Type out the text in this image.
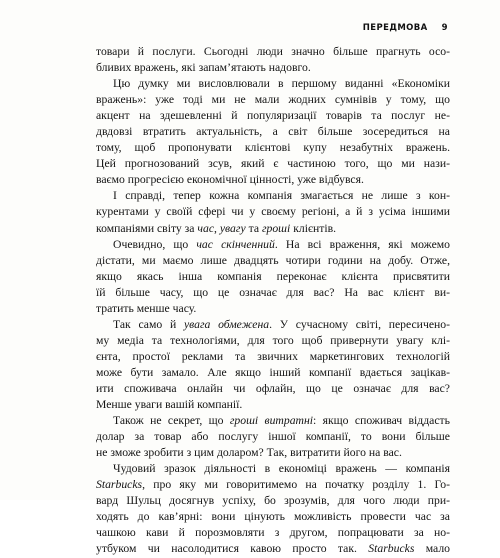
ПЕРЕДМОВА 9

товари й послуги. Сьогодні люди значно більше прагнуть осо-
бливих вражень, які запам’ятають надовго.

Цю думку ми висловлювали в першому виданні «Економіки
вражень»: уже тоді ми не мали жодних сумнівів у тому, що
акцент на здешевленні й популяризації товарів та послуг не-
двдовзі втратить актуальність, а світ більше зосередиться на
тому, щоб пропонувати клієнтові купу незабутніх вражень.
Цей прогнозований зсув, який є частиною того, що ми нази-
ваємо прогресією економічної цінності, уже відбувся.

І справді, тепер кожна компанія змагається не лише з кон-
курентами у своїй сфері чи у своєму регіоні, а й з усіма іншими
компаніями світу за час, увагу та гроші клієнтів.

Очевидно, що час скінченний. На всі враження, які можемо
дістати, ми маємо лише двадцять чотири години на добу. Отже,
якщо якась інша компанія переконає клієнта присвятити
їй більше часу, що це означає для вас? На вас клієнт ви-
тратить менше часу.

Так само й увага обмежена. У сучасному світі, пересичено-
му медіа та технологіями, для того щоб привернути увагу клі-
єнта, простої реклами та звичних маркетингових технологій
може бути замало. Але якщо інший компанії вдається зацікав-
ити споживача онлайн чи офлайн, що це означає для вас?
Менше уваги вашій компанії.

Також не секрет, що гроші витратні: якщо споживач віддасть
долар за товар або послугу іншої компанії, то вони більше
не зможе зробити з цим доларом? Так, витратити його на вас.

Чудовий зразок діяльності в економіці вражень — компанія
Starbucks, про яку ми говоритимемо на початку розділу 1. Го-
вард Шульц досягнув успіху, бо зрозумів, для чого люди при-
ходять до кав’ярні: вони цінують можливість провести час за
чашкою кави й порозмовляти з другом, попрацювати за но-
утбуком чи насолодитися кавою просто так. Starbucks мало
